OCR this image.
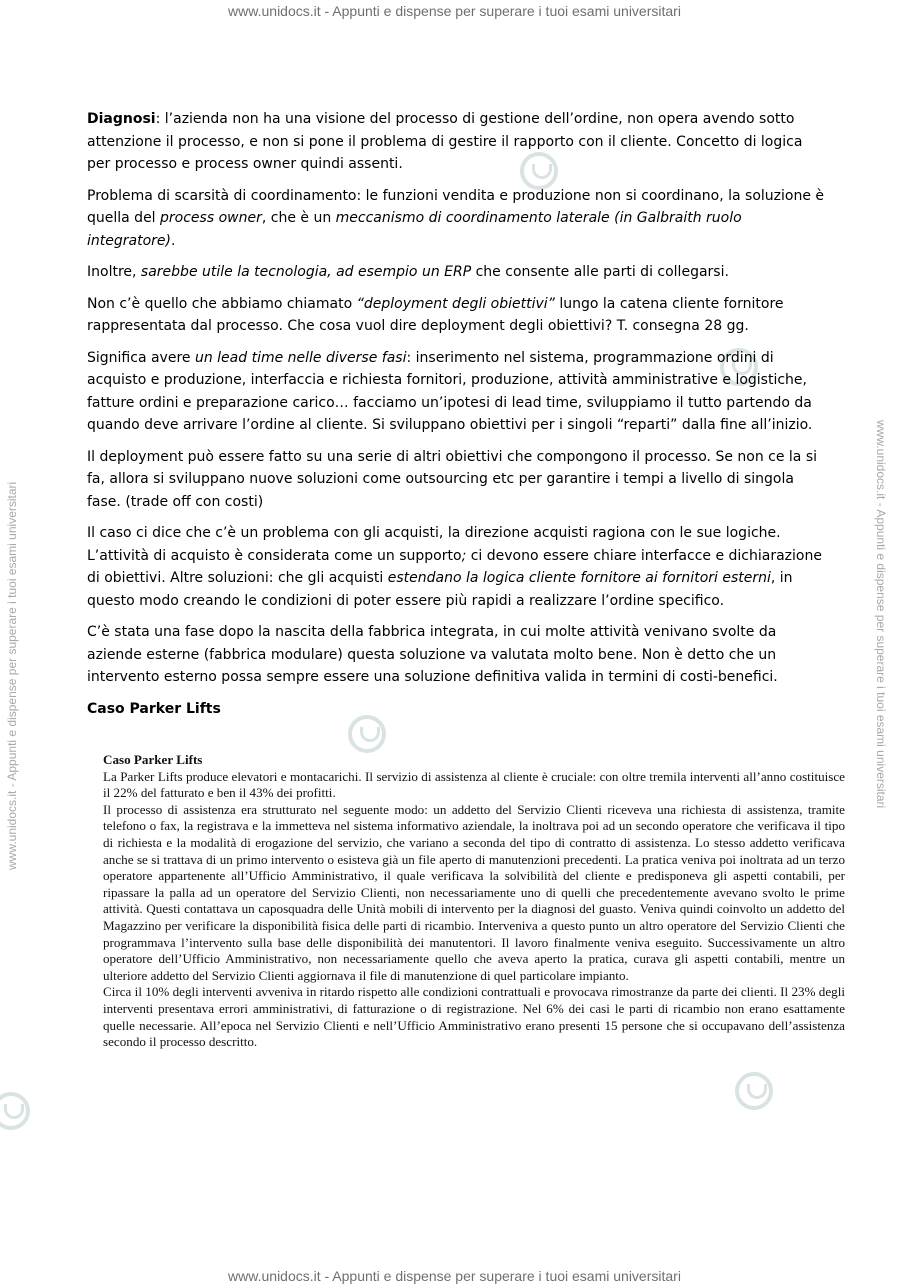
www.unidocs.it - Appunti e dispense per superare i tuoi esami universitari
www.unidocs.it - Appunti e dispense per superare i tuoi esami universitari
www.unidocs.it - Appunti e dispense per superare i tuoi esami universitari	www.unidocs.it - Appunti e dispense per superare i tuoi esami universitari

Diagnosi: l’azienda non ha una visione del processo di gestione dell’ordine, non opera avendo sotto attenzione il processo, e non si pone il problema di gestire il rapporto con il cliente. Concetto di logica per processo e process owner quindi assenti.

Problema di scarsità di coordinamento: le funzioni vendita e produzione non si coordinano, la soluzione è quella del process owner, che è un meccanismo di coordinamento laterale (in Galbraith ruolo integratore).

Inoltre, sarebbe utile la tecnologia, ad esempio un ERP che consente alle parti di collegarsi.

Non c’è quello che abbiamo chiamato “deployment degli obiettivi” lungo la catena cliente fornitore rappresentata dal processo. Che cosa vuol dire deployment degli obiettivi? T. consegna 28 gg.

Significa avere un lead time nelle diverse fasi: inserimento nel sistema, programmazione ordini di acquisto e produzione, interfaccia e richiesta fornitori, produzione, attività amministrative e logistiche, fatture ordini e preparazione carico… facciamo un’ipotesi di lead time, sviluppiamo il tutto partendo da quando deve arrivare l’ordine al cliente. Si sviluppano obiettivi per i singoli “reparti” dalla fine all’inizio.

Il deployment può essere fatto su una serie di altri obiettivi che compongono il processo. Se non ce la si fa, allora si sviluppano nuove soluzioni come outsourcing etc per garantire i tempi a livello di singola fase. (trade off con costi)

Il caso ci dice che c’è un problema con gli acquisti, la direzione acquisti ragiona con le sue logiche. L’attività di acquisto è considerata come un supporto; ci devono essere chiare interfacce e dichiarazione di obiettivi. Altre soluzioni: che gli acquisti estendano la logica cliente fornitore ai fornitori esterni, in questo modo creando le condizioni di poter essere più rapidi a realizzare l’ordine specifico.

C’è stata una fase dopo la nascita della fabbrica integrata, in cui molte attività venivano svolte da aziende esterne (fabbrica modulare) questa soluzione va valutata molto bene. Non è detto che un intervento esterno possa sempre essere una soluzione definitiva valida in termini di costi-benefici.

Caso Parker Lifts
Caso Parker Lifts

La Parker Lifts produce elevatori e montacarichi. Il servizio di assistenza al cliente è cruciale: con oltre tremila interventi all’anno costituisce il 22% del fatturato e ben il 43% dei profitti.

Il processo di assistenza era strutturato nel seguente modo: un addetto del Servizio Clienti riceveva una richiesta di assistenza, tramite telefono o fax, la registrava e la immetteva nel sistema informativo aziendale, la inoltrava poi ad un secondo operatore che verificava il tipo di richiesta e la modalità di erogazione del servizio, che variano a seconda del tipo di contratto di assistenza. Lo stesso addetto verificava anche se si trattava di un primo intervento o esisteva già un file aperto di manutenzioni precedenti. La pratica veniva poi inoltrata ad un terzo operatore appartenente all’Ufficio Amministrativo, il quale verificava la solvibilità del cliente e predisponeva gli aspetti contabili, per ripassare la palla ad un operatore del Servizio Clienti, non necessariamente uno di quelli che precedentemente avevano svolto le prime attività. Questi contattava un caposquadra delle Unità mobili di intervento per la diagnosi del guasto. Veniva quindi coinvolto un addetto del Magazzino per verificare la disponibilità fisica delle parti di ricambio. Interveniva a questo punto un altro operatore del Servizio Clienti che programmava l’intervento sulla base delle disponibilità dei manutentori. Il lavoro finalmente veniva eseguito. Successivamente un altro operatore dell’Ufficio Amministrativo, non necessariamente quello che aveva aperto la pratica, curava gli aspetti contabili, mentre un ulteriore addetto del Servizio Clienti aggiornava il file di manutenzione di quel particolare impianto.

Circa il 10% degli interventi avveniva in ritardo rispetto alle condizioni contrattuali e provocava rimostranze da parte dei clienti. Il 23% degli interventi presentava errori amministrativi, di fatturazione o di registrazione. Nel 6% dei casi le parti di ricambio non erano esattamente quelle necessarie. All’epoca nel Servizio Clienti e nell’Ufficio Amministrativo erano presenti 15 persone che si occupavano dell’assistenza secondo il processo descritto.
